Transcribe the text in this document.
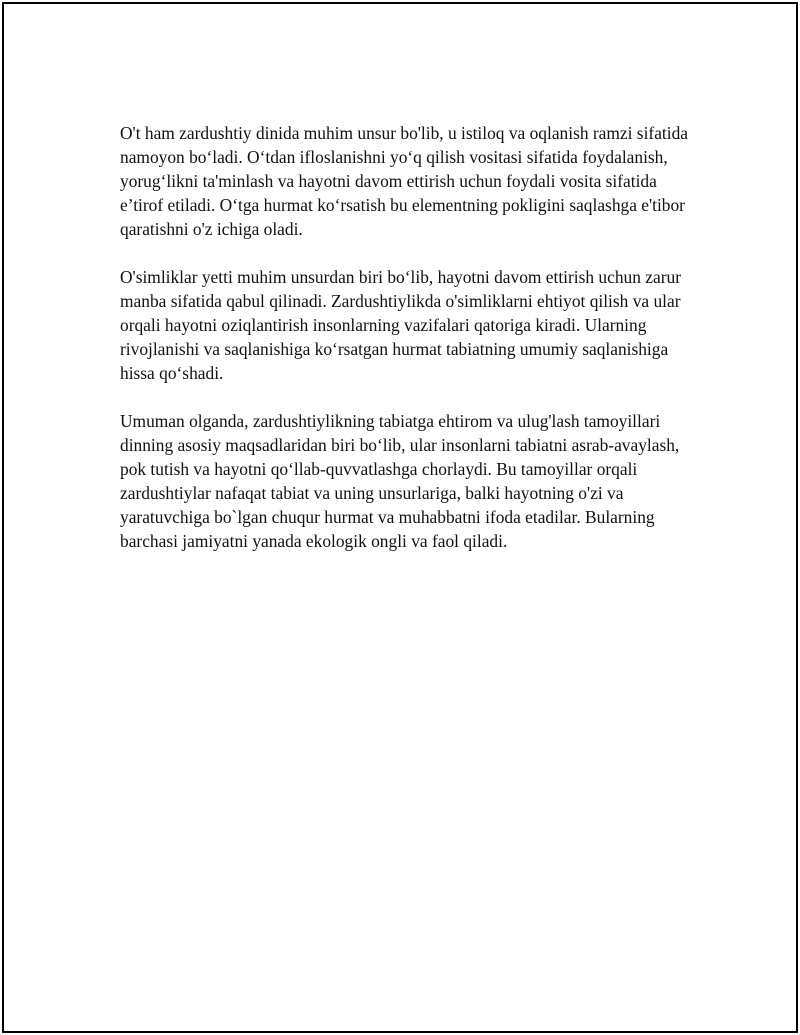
O't ham zardushtiy dinida muhim unsur bo'lib, u istiloq va oqlanish ramzi sifatida namoyon bo‘ladi. O‘tdan ifloslanishni yo‘q qilish vositasi sifatida foydalanish, yorug‘likni ta'minlash va hayotni davom ettirish uchun foydali vosita sifatida e’tirof etiladi. O‘tga hurmat ko‘rsatish bu elementning pokligini saqlashga e'tibor qaratishni o'z ichiga oladi.

O'simliklar yetti muhim unsurdan biri bo‘lib, hayotni davom ettirish uchun zarur manba sifatida qabul qilinadi. Zardushtiylikda o'simliklarni ehtiyot qilish va ular orqali hayotni oziqlantirish insonlarning vazifalari qatoriga kiradi. Ularning rivojlanishi va saqlanishiga ko‘rsatgan hurmat tabiatning umumiy saqlanishiga hissa qo‘shadi.

Umuman olganda, zardushtiylikning tabiatga ehtirom va ulug'lash tamoyillari dinning asosiy maqsadlaridan biri bo‘lib, ular insonlarni tabiatni asrab-avaylash, pok tutish va hayotni qo‘llab-quvvatlashga chorlaydi. Bu tamoyillar orqali zardushtiylar nafaqat tabiat va uning unsurlariga, balki hayotning o'zi va yaratuvchiga bo`lgan chuqur hurmat va muhabbatni ifoda etadilar. Bularning barchasi jamiyatni yanada ekologik ongli va faol qiladi.
